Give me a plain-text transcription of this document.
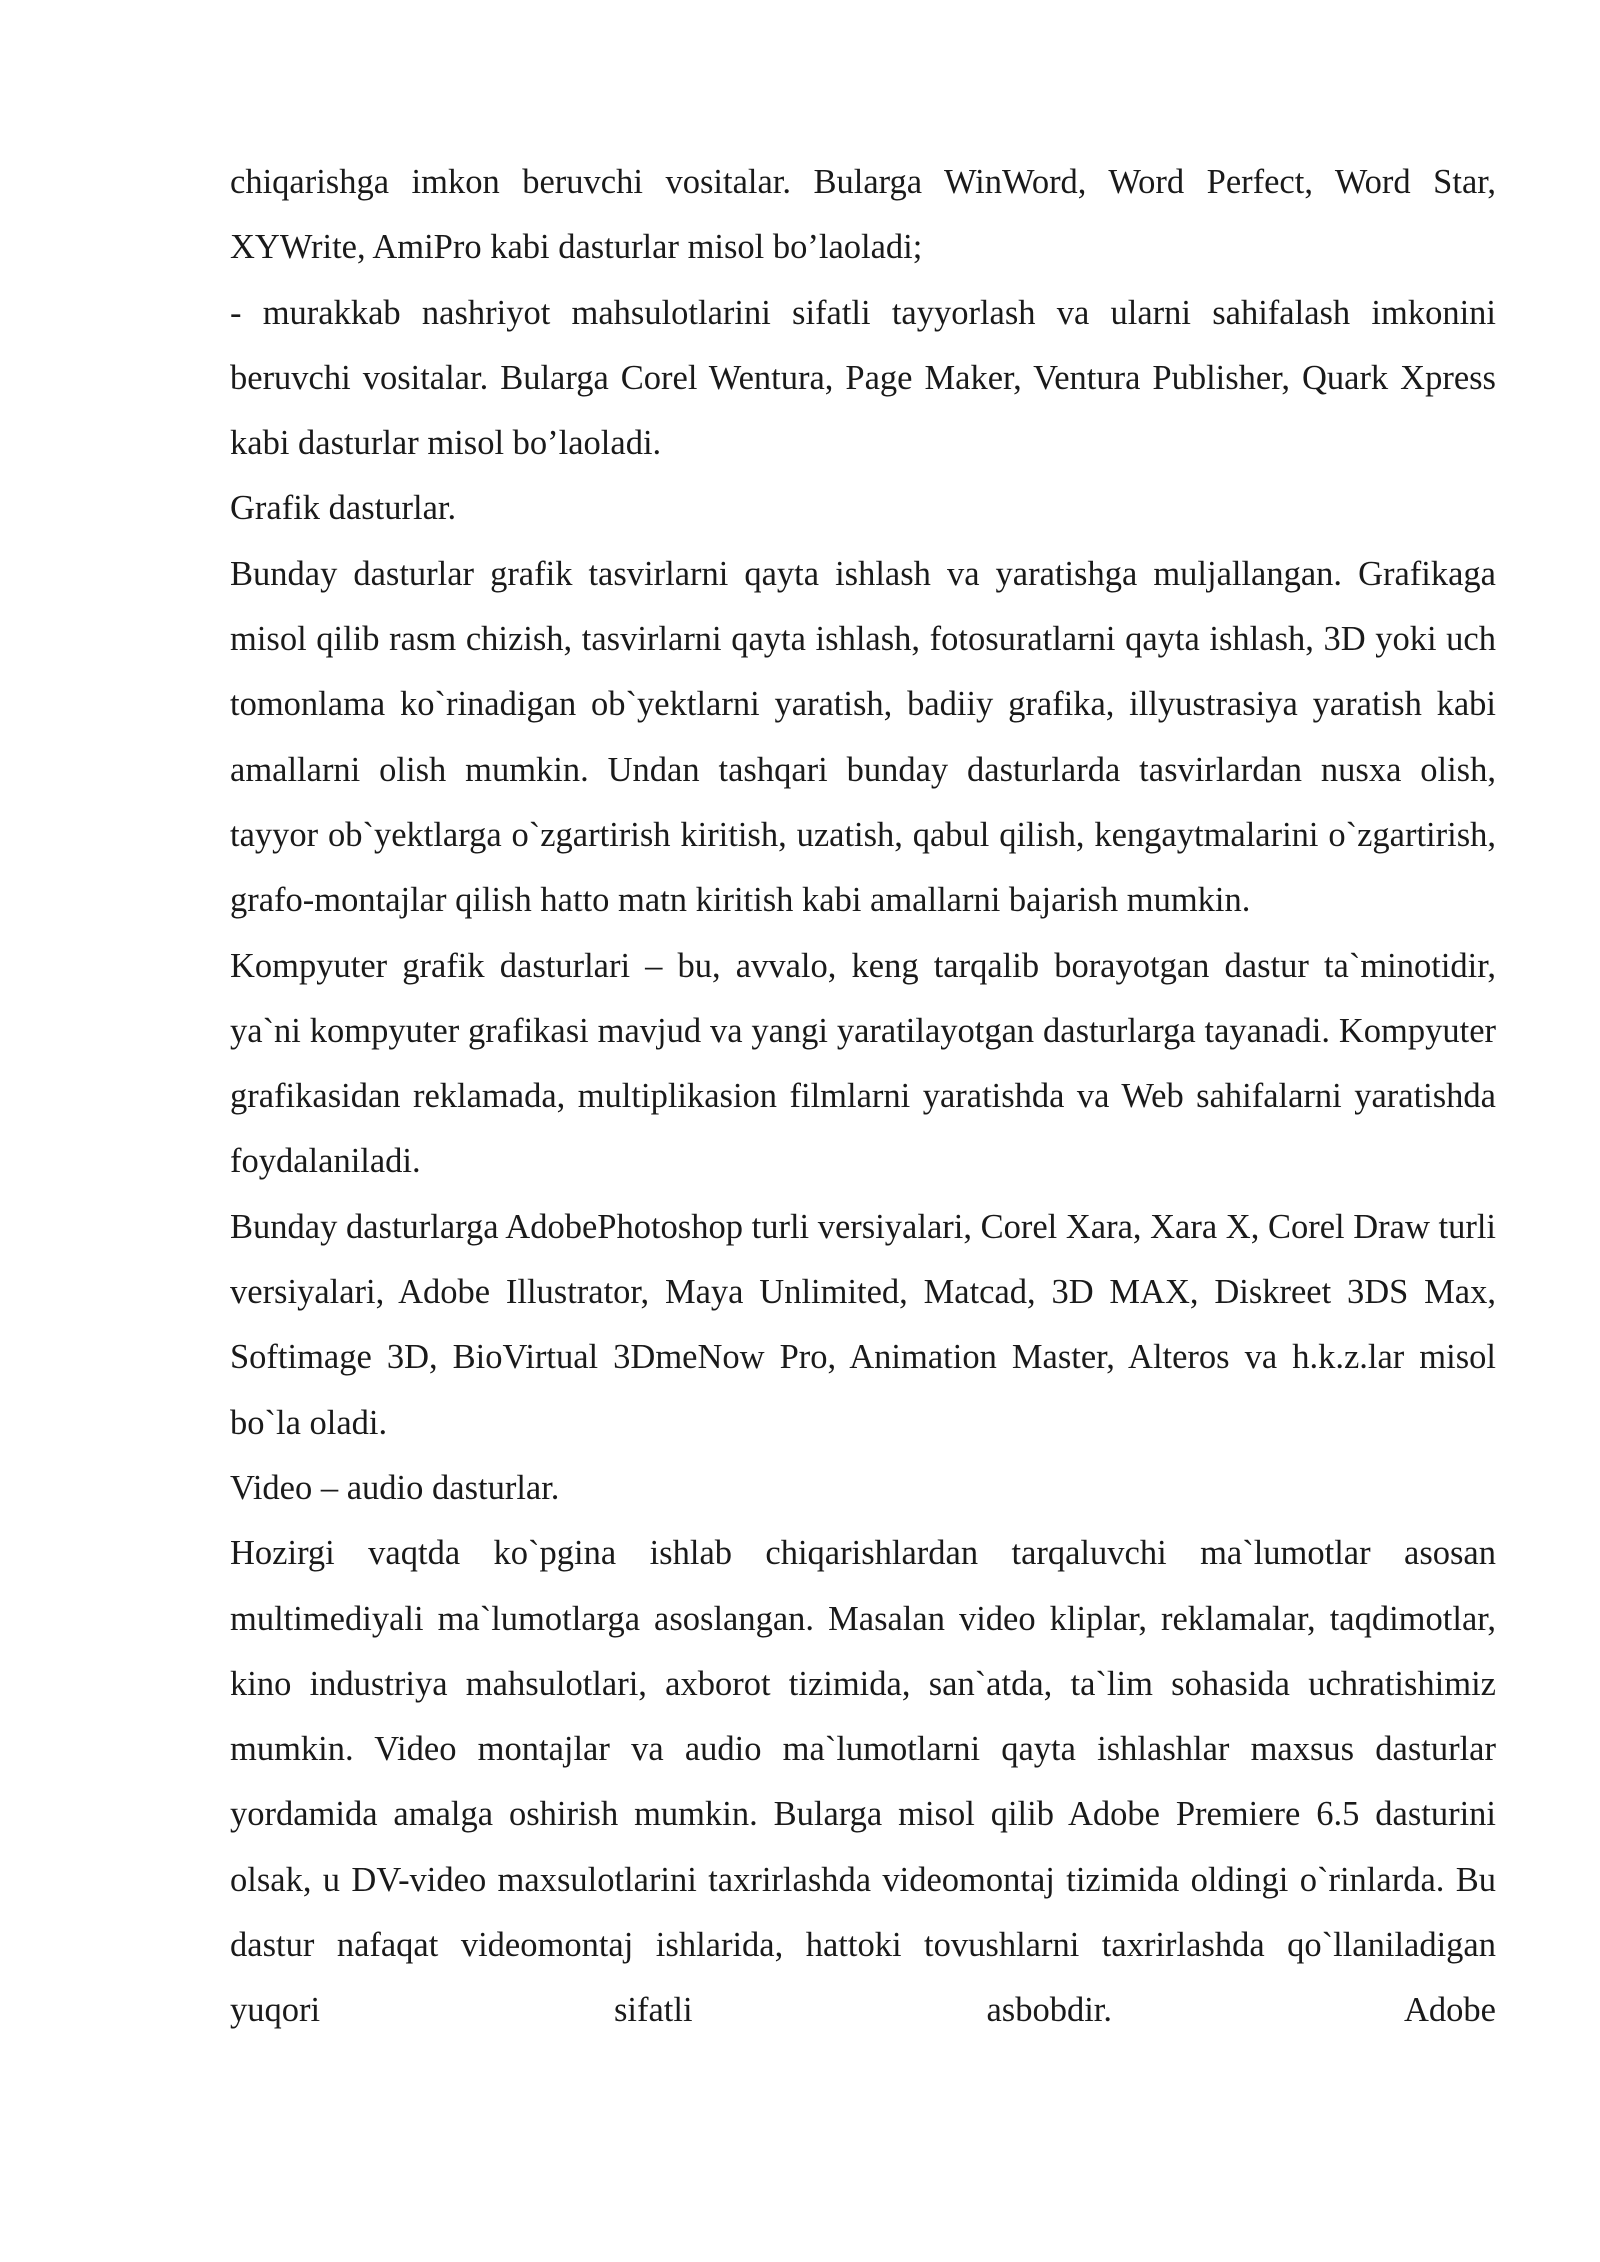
chiqarishga imkon beruvchi vositalar. Bularga WinWord, Word Perfect, Word Star, XYWrite, AmiPro kabi dasturlar misol bo’laoladi;

- murakkab nashriyot mahsulotlarini sifatli tayyorlash va ularni sahifalash imkonini beruvchi vositalar. Bularga Corel Wentura, Page Maker, Ventura Publisher, Quark Xpress kabi dasturlar misol bo’laoladi.

Grafik dasturlar.

Bunday dasturlar grafik tasvirlarni qayta ishlash va yaratishga muljallangan. Grafikaga misol qilib rasm chizish, tasvirlarni qayta ishlash, fotosuratlarni qayta ishlash, 3D yoki uch tomonlama ko`rinadigan ob`yektlarni yaratish, badiiy grafika, illyustrasiya yaratish kabi amallarni olish mumkin. Undan tashqari bunday dasturlarda tasvirlardan nusxa olish, tayyor ob`yektlarga o`zgartirish kiritish, uzatish, qabul qilish, kengaytmalarini o`zgartirish, grafo-montajlar qilish hatto matn kiritish kabi amallarni bajarish mumkin.

Kompyuter grafik dasturlari – bu, avvalo, keng tarqalib borayotgan dastur ta`minotidir, ya`ni kompyuter grafikasi mavjud va yangi yaratilayotgan dasturlarga tayanadi. Kompyuter grafikasidan reklamada, multiplikasion filmlarni yaratishda va Web sahifalarni yaratishda foydalaniladi.

Bunday dasturlarga AdobePhotoshop turli versiyalari, Corel Xara, Xara X, Corel Draw turli versiyalari, Adobe Illustrator, Maya Unlimited, Matcad, 3D MAX, Diskreet 3DS Max, Softimage 3D, BioVirtual 3DmeNow Pro, Animation Master, Alteros va h.k.z.lar misol bo`la oladi.

Video – audio dasturlar.

Hozirgi vaqtda ko`pgina ishlab chiqarishlardan tarqaluvchi ma`lumotlar asosan multimediyali ma`lumotlarga asoslangan. Masalan video kliplar, reklamalar, taqdimotlar, kino industriya mahsulotlari, axborot tizimida, san`atda, ta`lim sohasida uchratishimiz mumkin. Video montajlar va audio ma`lumotlarni qayta ishlashlar maxsus dasturlar yordamida amalga oshirish mumkin. Bularga misol qilib Adobe Premiere 6.5 dasturini olsak, u DV-video maxsulotlarini taxrirlashda videomontaj tizimida oldingi o`rinlarda. Bu dastur nafaqat videomontaj ishlarida, hattoki tovushlarni taxrirlashda qo`llaniladigan yuqori sifatli asbobdir. Adobe
